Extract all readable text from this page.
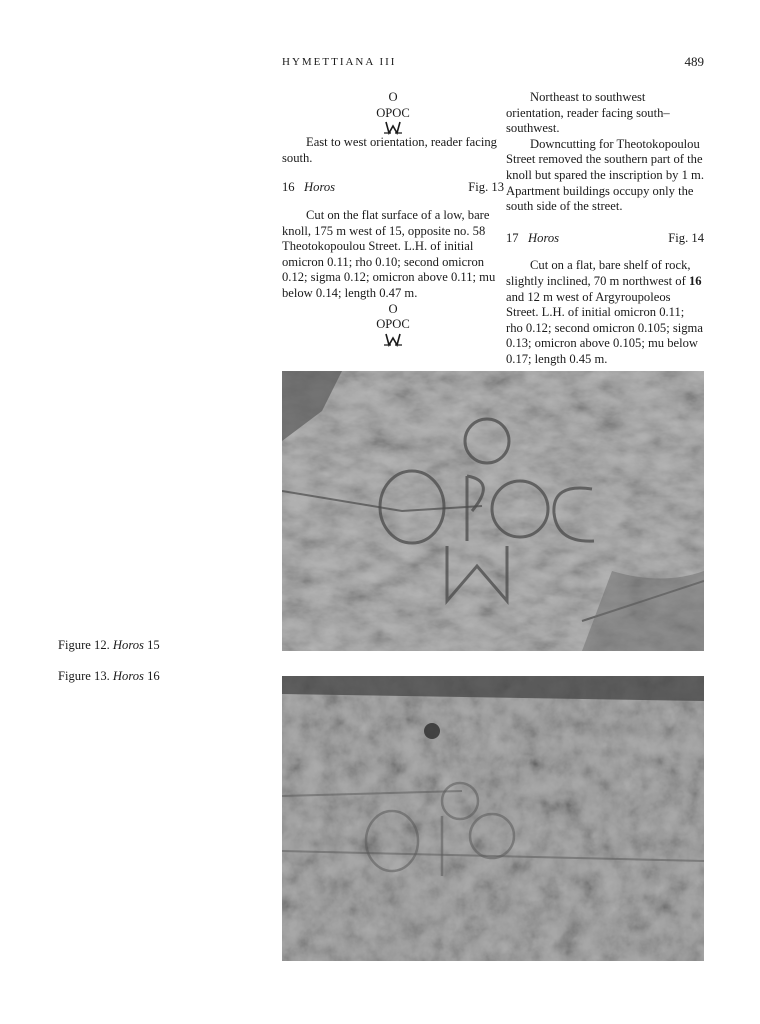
HYMETTIANA III	489
O
OPOC

East to west orientation, reader facing south.

16 Horos	Fig. 13

Cut on the flat surface of a low, bare knoll, 175 m west of 15, opposite no. 58 Theotokopoulou Street. L.H. of initial omicron 0.11; rho 0.10; second omicron 0.12; sigma 0.12; omicron above 0.11; mu below 0.14; length 0.47 m.

O
OPOC

Northeast to southwest orientation, reader facing south–southwest.

Downcutting for Theotokopoulou Street removed the southern part of the knoll but spared the inscription by 1 m. Apartment buildings occupy only the south side of the street.

17 Horos	Fig. 14

Cut on a flat, bare shelf of rock, slightly inclined, 70 m northwest of 16 and 12 m west of Argyroupoleos Street. L.H. of initial omicron 0.11; rho 0.12; second omicron 0.105; sigma 0.13; omicron above 0.105; mu below 0.17; length 0.45 m.

Figure 12. Horos 15
Figure 13. Horos 16
